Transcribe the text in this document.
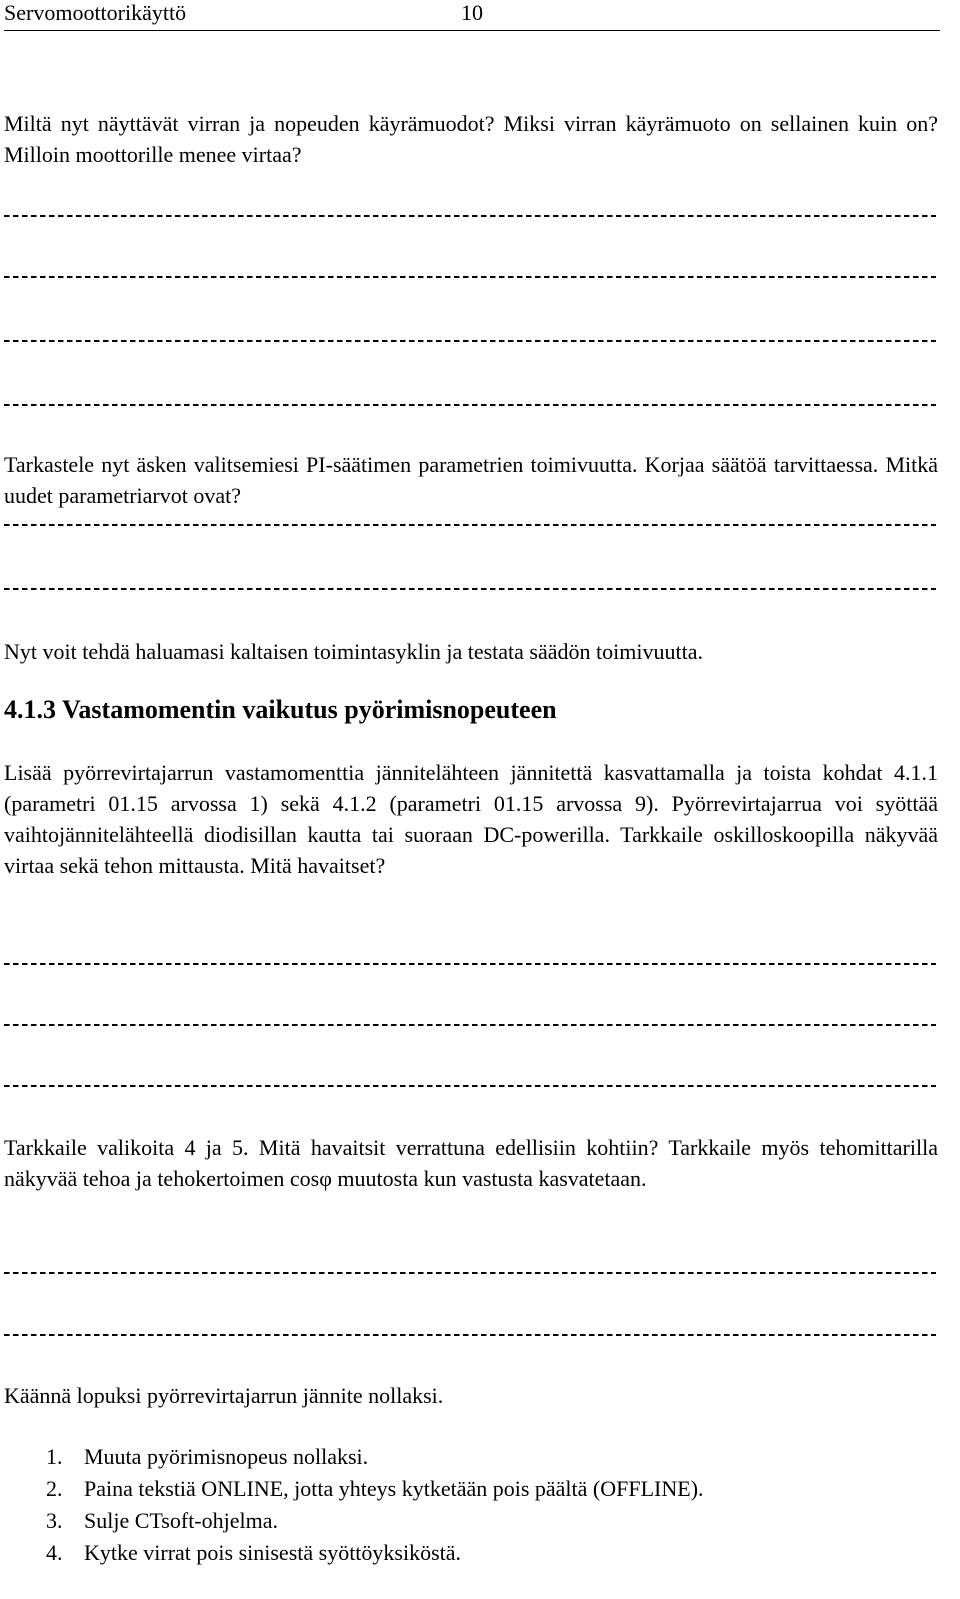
Servomoottorikäyttö	10

Miltä nyt näyttävät virran ja nopeuden käyrämuodot? Miksi virran käyrämuoto on sellainen kuin on? Milloin moottorille menee virtaa?

Tarkastele nyt äsken valitsemiesi PI-säätimen parametrien toimivuutta. Korjaa säätöä tarvittaessa. Mitkä uudet parametriarvot ovat?

Nyt voit tehdä haluamasi kaltaisen toimintasyklin ja testata säädön toimivuutta.

4.1.3 Vastamomentin vaikutus pyörimisnopeuteen

Lisää pyörrevirtajarrun vastamomenttia jännitelähteen jännitettä kasvattamalla ja toista kohdat 4.1.1 (parametri 01.15 arvossa 1) sekä 4.1.2 (parametri 01.15 arvossa 9). Pyörrevirtajarrua voi syöttää vaihtojännitelähteellä diodisillan kautta tai suoraan DC-powerilla. Tarkkaile oskilloskoopilla näkyvää virtaa sekä tehon mittausta. Mitä havaitset?

Tarkkaile valikoita 4 ja 5. Mitä havaitsit verrattuna edellisiin kohtiin? Tarkkaile myös tehomittarilla näkyvää tehoa ja tehokertoimen cosφ muutosta kun vastusta kasvatetaan.

Käännä lopuksi pyörrevirtajarrun jännite nollaksi.

1. Muuta pyörimisnopeus nollaksi.
2. Paina tekstiä ONLINE, jotta yhteys kytketään pois päältä (OFFLINE).
3. Sulje CTsoft-ohjelma.
4. Kytke virrat pois sinisestä syöttöyksiköstä.
